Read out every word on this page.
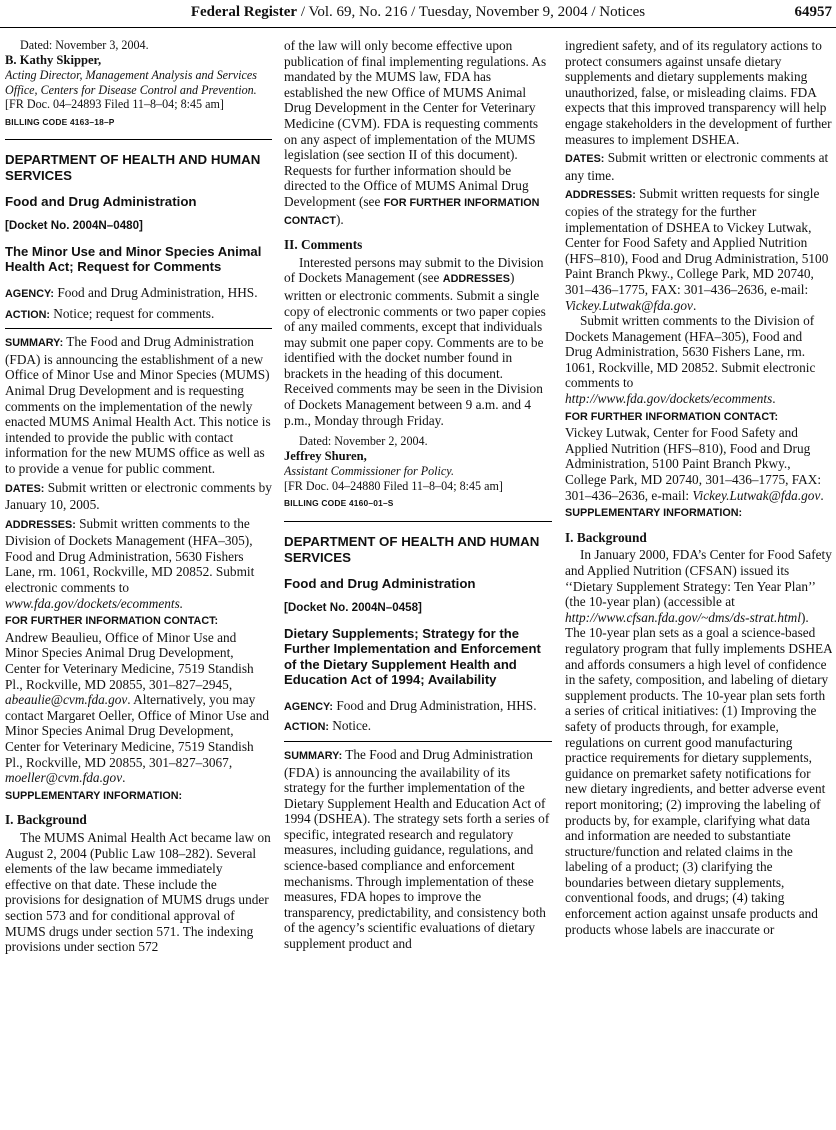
Federal Register / Vol. 69, No. 216 / Tuesday, November 9, 2004 / Notices	64957

Dated: November 3, 2004.

B. Kathy Skipper,

Acting Director, Management Analysis and Services Office, Centers for Disease Control and Prevention.

[FR Doc. 04–24893 Filed 11–8–04; 8:45 am]

BILLING CODE 4163–18–P

DEPARTMENT OF HEALTH AND HUMAN SERVICES

Food and Drug Administration

[Docket No. 2004N–0480]

The Minor Use and Minor Species Animal Health Act; Request for Comments

AGENCY: Food and Drug Administration, HHS.

ACTION: Notice; request for comments.

SUMMARY: The Food and Drug Administration (FDA) is announcing the establishment of a new Office of Minor Use and Minor Species (MUMS) Animal Drug Development and is requesting comments on the implementation of the newly enacted MUMS Animal Health Act. This notice is intended to provide the public with contact information for the new MUMS office as well as to provide a venue for public comment.

DATES: Submit written or electronic comments by January 10, 2005.

ADDRESSES: Submit written comments to the Division of Dockets Management (HFA–305), Food and Drug Administration, 5630 Fishers Lane, rm. 1061, Rockville, MD 20852. Submit electronic comments to www.fda.gov/dockets/ecomments.

FOR FURTHER INFORMATION CONTACT:

Andrew Beaulieu, Office of Minor Use and Minor Species Animal Drug Development, Center for Veterinary Medicine, 7519 Standish Pl., Rockville, MD 20855, 301–827–2945, abeaulie@cvm.fda.gov. Alternatively, you may contact Margaret Oeller, Office of Minor Use and Minor Species Animal Drug Development, Center for Veterinary Medicine, 7519 Standish Pl., Rockville, MD 20855, 301–827–3067, moeller@cvm.fda.gov.

SUPPLEMENTARY INFORMATION:

I. Background

The MUMS Animal Health Act became law on August 2, 2004 (Public Law 108–282). Several elements of the law became immediately effective on that date. These include the provisions for designation of MUMS drugs under section 573 and for conditional approval of MUMS drugs under section 571. The indexing provisions under section 572

of the law will only become effective upon publication of final implementing regulations. As mandated by the MUMS law, FDA has established the new Office of MUMS Animal Drug Development in the Center for Veterinary Medicine (CVM). FDA is requesting comments on any aspect of implementation of the MUMS legislation (see section II of this document). Requests for further information should be directed to the Office of MUMS Animal Drug Development (see FOR FURTHER INFORMATION CONTACT).

II. Comments

Interested persons may submit to the Division of Dockets Management (see ADDRESSES) written or electronic comments. Submit a single copy of electronic comments or two paper copies of any mailed comments, except that individuals may submit one paper copy. Comments are to be identified with the docket number found in brackets in the heading of this document. Received comments may be seen in the Division of Dockets Management between 9 a.m. and 4 p.m., Monday through Friday.

Dated: November 2, 2004.

Jeffrey Shuren,

Assistant Commissioner for Policy.

[FR Doc. 04–24880 Filed 11–8–04; 8:45 am]

BILLING CODE 4160–01–S

DEPARTMENT OF HEALTH AND HUMAN SERVICES

Food and Drug Administration

[Docket No. 2004N–0458]

Dietary Supplements; Strategy for the Further Implementation and Enforcement of the Dietary Supplement Health and Education Act of 1994; Availability

AGENCY: Food and Drug Administration, HHS.

ACTION: Notice.

SUMMARY: The Food and Drug Administration (FDA) is announcing the availability of its strategy for the further implementation of the Dietary Supplement Health and Education Act of 1994 (DSHEA). The strategy sets forth a series of specific, integrated research and regulatory measures, including guidance, regulations, and science-based compliance and enforcement mechanisms. Through implementation of these measures, FDA hopes to improve the transparency, predictability, and consistency both of the agency’s scientific evaluations of dietary supplement product and

ingredient safety, and of its regulatory actions to protect consumers against unsafe dietary supplements and dietary supplements making unauthorized, false, or misleading claims. FDA expects that this improved transparency will help engage stakeholders in the development of further measures to implement DSHEA.

DATES: Submit written or electronic comments at any time.

ADDRESSES: Submit written requests for single copies of the strategy for the further implementation of DSHEA to Vickey Lutwak, Center for Food Safety and Applied Nutrition (HFS–810), Food and Drug Administration, 5100 Paint Branch Pkwy., College Park, MD 20740, 301–436–1775, FAX: 301–436–2636, e-mail: Vickey.Lutwak@fda.gov.

Submit written comments to the Division of Dockets Management (HFA–305), Food and Drug Administration, 5630 Fishers Lane, rm. 1061, Rockville, MD 20852. Submit electronic comments to http://www.fda.gov/dockets/ecomments.

FOR FURTHER INFORMATION CONTACT:

Vickey Lutwak, Center for Food Safety and Applied Nutrition (HFS–810), Food and Drug Administration, 5100 Paint Branch Pkwy., College Park, MD 20740, 301–436–1775, FAX: 301–436–2636, e-mail: Vickey.Lutwak@fda.gov.

SUPPLEMENTARY INFORMATION:

I. Background

In January 2000, FDA’s Center for Food Safety and Applied Nutrition (CFSAN) issued its ‘‘Dietary Supplement Strategy: Ten Year Plan’’ (the 10-year plan) (accessible at http://www.cfsan.fda.gov/~dms/ds-strat.html). The 10-year plan sets as a goal a science-based regulatory program that fully implements DSHEA and affords consumers a high level of confidence in the safety, composition, and labeling of dietary supplement products. The 10-year plan sets forth a series of critical initiatives: (1) Improving the safety of products through, for example, regulations on current good manufacturing practice requirements for dietary supplements, guidance on premarket safety notifications for new dietary ingredients, and better adverse event report monitoring; (2) improving the labeling of products by, for example, clarifying what data and information are needed to substantiate structure/function and related claims in the labeling of a product; (3) clarifying the boundaries between dietary supplements, conventional foods, and drugs; (4) taking enforcement action against unsafe products and products whose labels are inaccurate or
